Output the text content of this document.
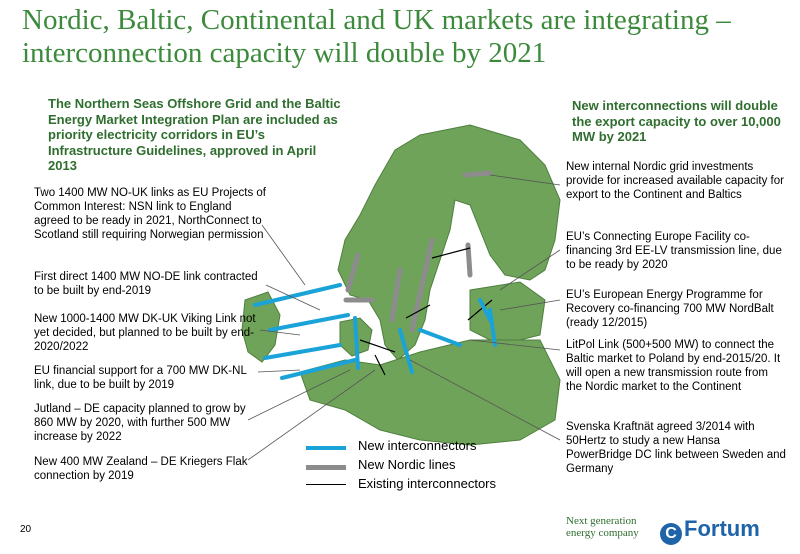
Nordic, Baltic, Continental and UK markets are integrating – interconnection capacity will double by 2021
The Northern Seas Offshore Grid and the Baltic Energy Market Integration Plan are included as priority electricity corridors in EU’s Infrastructure Guidelines, approved in April 2013
New interconnections will double the export capacity to over 10,000 MW by 2021
Two 1400 MW NO-UK links as EU Projects of Common Interest: NSN link to England agreed to be ready in 2021, NorthConnect to Scotland still requiring Norwegian permission
First direct 1400 MW NO-DE link contracted to be built by end-2019
New 1000-1400 MW DK-UK Viking Link not yet decided, but planned to be built by end-2020/2022
EU financial support for a 700 MW DK-NL link, due to be built by 2019
Jutland – DE capacity planned to grow by 860 MW by 2020, with further 500 MW increase by 2022
New 400 MW Zealand – DE Kriegers Flak connection by 2019
New internal Nordic grid investments provide for increased available capacity for export to the Continent and Baltics
EU’s Connecting Europe Facility co-financing 3rd EE-LV transmission line, due to be ready by 2020
EU’s European Energy Programme for Recovery co-financing 700 MW NordBalt (ready 12/2015)
LitPol Link (500+500 MW) to connect the Baltic market to Poland by end-2015/20. It will open a new transmission route from the Nordic market to the Continent
Svenska Kraftnät agreed 3/2014 with 50Hertz to study a new Hansa PowerBridge DC link between Sweden and Germany
New interconnectors
New Nordic lines
Existing interconnectors
20
Next generation energy company	C Fortum
